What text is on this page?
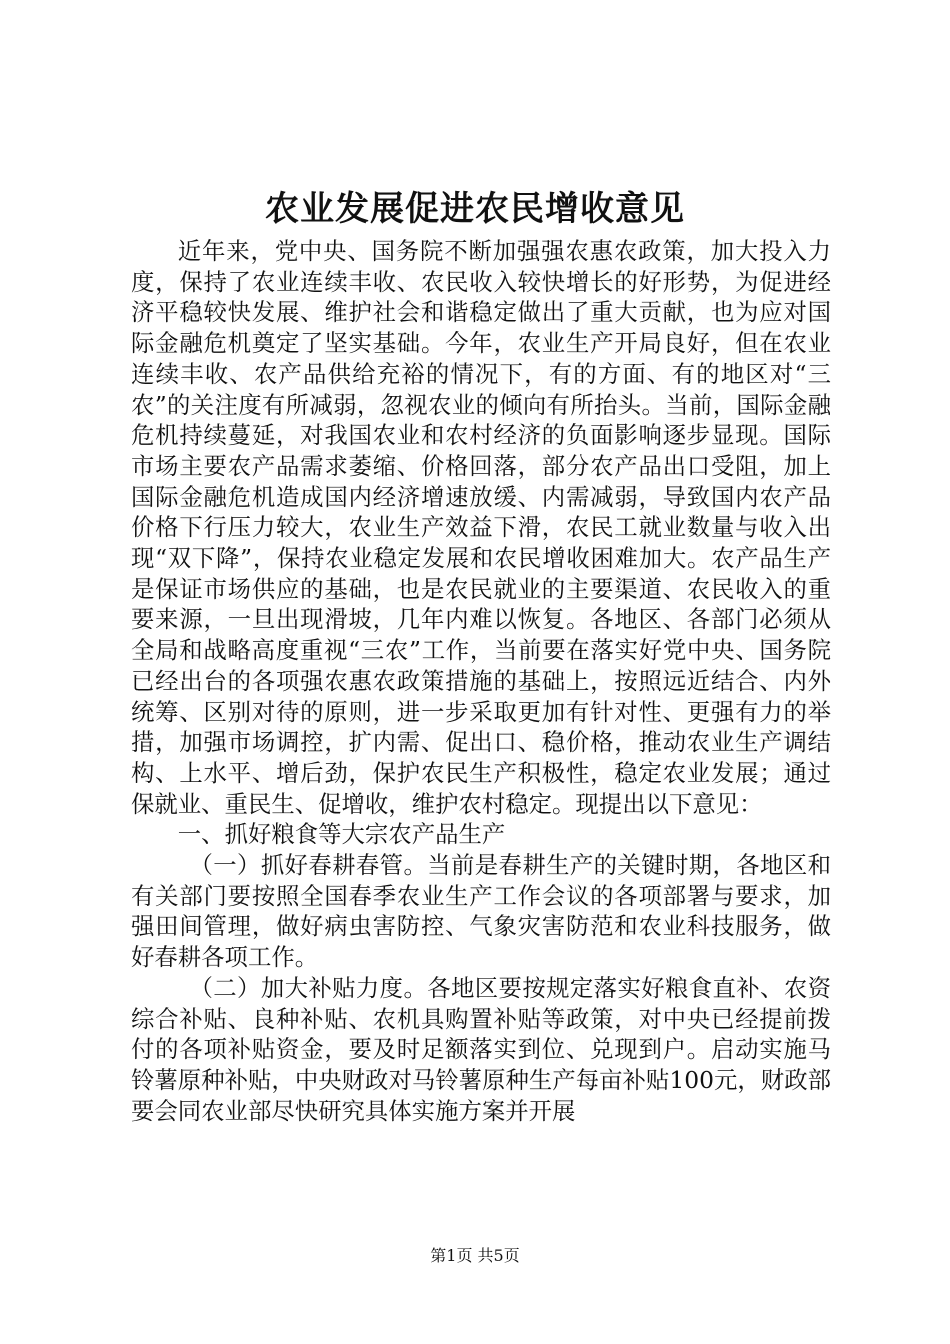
农业发展促进农民增收意见

近年来，党中央、国务院不断加强强农惠农政策，加大投入力度，保持了农业连续丰收、农民收入较快增长的好形势，为促进经济平稳较快发展、维护社会和谐稳定做出了重大贡献，也为应对国际金融危机奠定了坚实基础。今年，农业生产开局良好，但在农业连续丰收、农产品供给充裕的情况下，有的方面、有的地区对“三农”的关注度有所减弱，忽视农业的倾向有所抬头。当前，国际金融危机持续蔓延，对我国农业和农村经济的负面影响逐步显现。国际市场主要农产品需求萎缩、价格回落，部分农产品出口受阻，加上国际金融危机造成国内经济增速放缓、内需减弱，导致国内农产品价格下行压力较大，农业生产效益下滑，农民工就业数量与收入出现“双下降”，保持农业稳定发展和农民增收困难加大。农产品生产是保证市场供应的基础，也是农民就业的主要渠道、农民收入的重要来源，一旦出现滑坡，几年内难以恢复。各地区、各部门必须从全局和战略高度重视“三农”工作，当前要在落实好党中央、国务院已经出台的各项强农惠农政策措施的基础上，按照远近结合、内外统筹、区别对待的原则，进一步采取更加有针对性、更强有力的举措，加强市场调控，扩内需、促出口、稳价格，推动农业生产调结构、上水平、增后劲，保护农民生产积极性，稳定农业发展；通过保就业、重民生、促增收，维护农村稳定。现提出以下意见：

一、抓好粮食等大宗农产品生产

（一）抓好春耕春管。当前是春耕生产的关键时期，各地区和有关部门要按照全国春季农业生产工作会议的各项部署与要求，加强田间管理，做好病虫害防控、气象灾害防范和农业科技服务，做好春耕各项工作。

（二）加大补贴力度。各地区要按规定落实好粮食直补、农资综合补贴、良种补贴、农机具购置补贴等政策，对中央已经提前拨付的各项补贴资金，要及时足额落实到位、兑现到户。启动实施马铃薯原种补贴，中央财政对马铃薯原种生产每亩补贴100元，财政部要会同农业部尽快研究具体实施方案并开展

第1页 共5页
